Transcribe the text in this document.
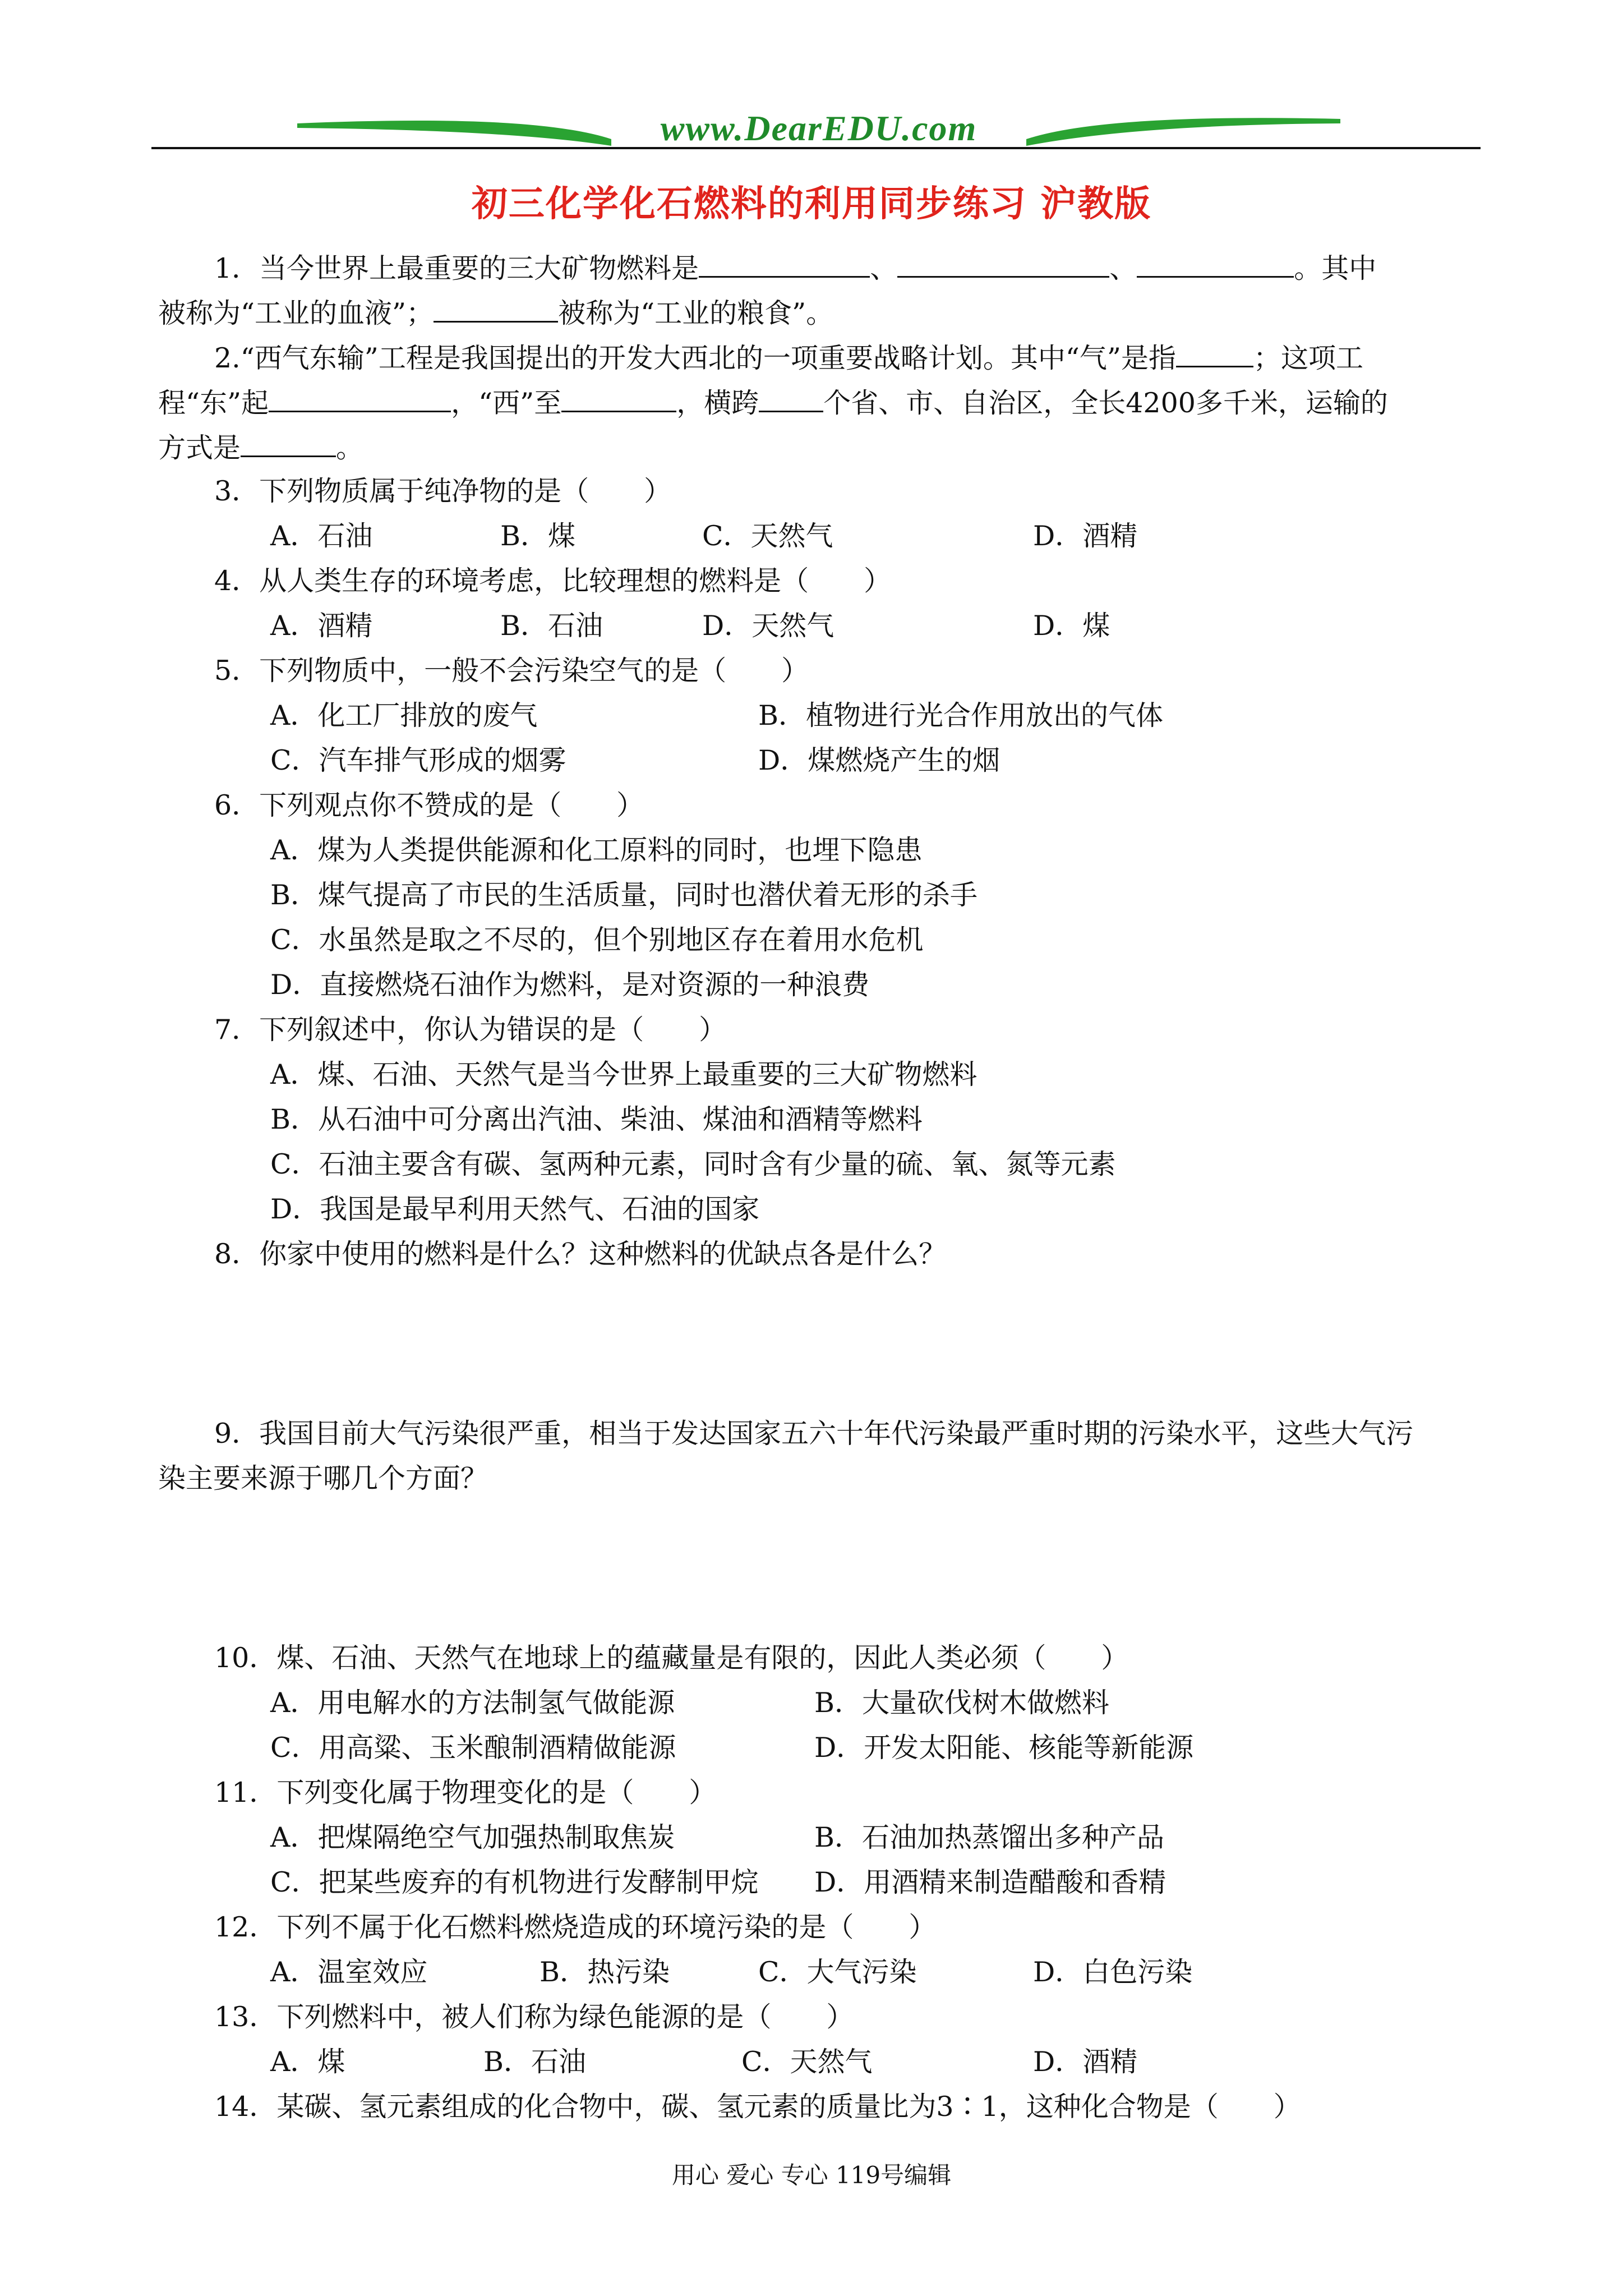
www.DearEDU.com
初三化学化石燃料的利用同步练习 沪教版
1．当今世界上最重要的三大矿物燃料是	、	、	。其中
被称为“工业的血液”；	被称为“工业的粮食”。
2.“西气东输”工程是我国提出的开发大西北的一项重要战略计划。其中“气”是指	；这项工
程“东”起	，“西”至	，横跨 个省、市、自治区，全长4200多千米，运输的
方式是	。
3．下列物质属于纯净物的是（　　）
A．石油	B．煤	C．天然气	D．酒精
4．从人类生存的环境考虑，比较理想的燃料是（　　）
A．酒精	B．石油	D．天然气	D．煤
5．下列物质中，一般不会污染空气的是（　　）
A．化工厂排放的废气	B．植物进行光合作用放出的气体
C．汽车排气形成的烟雾	D．煤燃烧产生的烟
6．下列观点你不赞成的是（　　）
A．煤为人类提供能源和化工原料的同时，也埋下隐患
B．煤气提高了市民的生活质量，同时也潜伏着无形的杀手
C．水虽然是取之不尽的，但个别地区存在着用水危机
D．直接燃烧石油作为燃料，是对资源的一种浪费
7．下列叙述中，你认为错误的是（　　）
A．煤、石油、天然气是当今世界上最重要的三大矿物燃料
B．从石油中可分离出汽油、柴油、煤油和酒精等燃料
C．石油主要含有碳、氢两种元素，同时含有少量的硫、氧、氮等元素
D．我国是最早利用天然气、石油的国家
8．你家中使用的燃料是什么？这种燃料的优缺点各是什么？
9．我国目前大气污染很严重，相当于发达国家五六十年代污染最严重时期的污染水平，这些大气污
染主要来源于哪几个方面？
10．煤、石油、天然气在地球上的蕴藏量是有限的，因此人类必须（　　）
A．用电解水的方法制氢气做能源	B．大量砍伐树木做燃料
C．用高粱、玉米酿制酒精做能源	D．开发太阳能、核能等新能源
11．下列变化属于物理变化的是（　　）
A．把煤隔绝空气加强热制取焦炭	B．石油加热蒸馏出多种产品
C．把某些废弃的有机物进行发酵制甲烷 D．用酒精来制造醋酸和香精
12．下列不属于化石燃料燃烧造成的环境污染的是（　　）
A．温室效应	B．热污染	C．大气污染	D．白色污染
13．下列燃料中，被人们称为绿色能源的是（　　）
A．煤	B．石油	C．天然气	D．酒精
14．某碳、氢元素组成的化合物中，碳、氢元素的质量比为3∶1，这种化合物是（　　）
用心 爱心 专心 119号编辑
